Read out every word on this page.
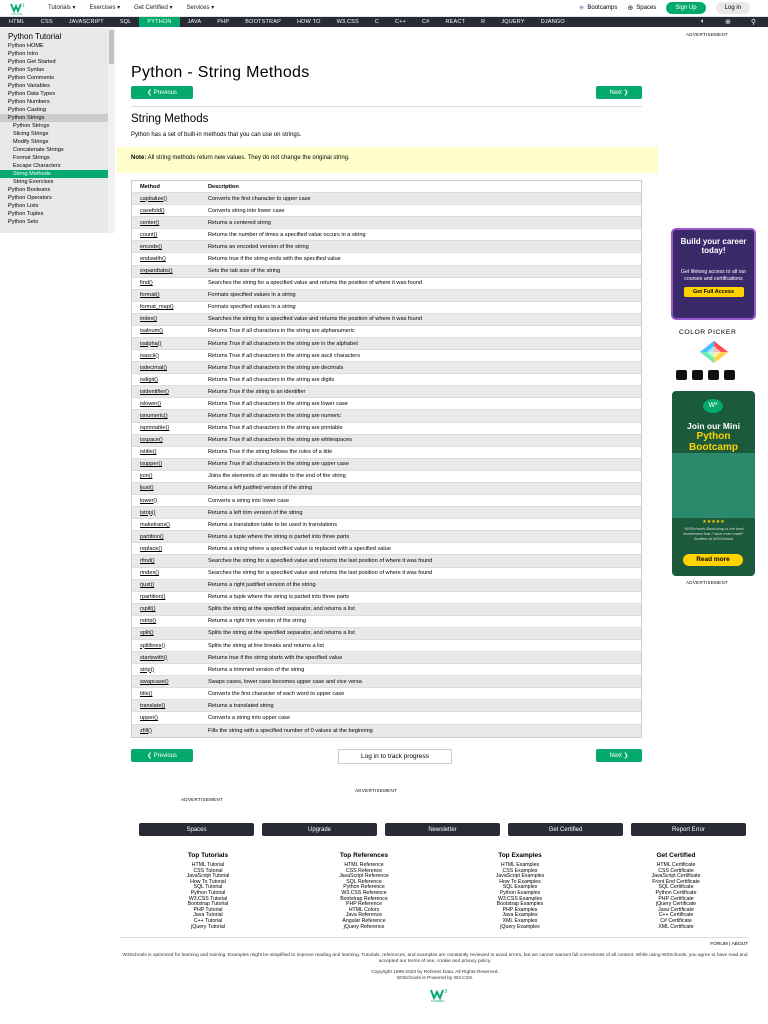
3
schools
Tutorials ▾ Exercises ▾ Get Certified ▾ Services ▾	✳ Bootcamps ⊕ Spaces	Sign Up	Log in
HTML	CSS	JAVASCRIPT	SQL	PYTHON	JAVA	PHP	BOOTSTRAP	HOW TO	W3.CSS	C	C++	C#	REACT	R	JQUERY	DJANGO	◐	⊕	⚲
Python Tutorial
Python HOME
Python Intro
Python Get Started
Python Syntax
Python Comments
Python Variables
Python Data Types
Python Numbers
Python Casting
Python Strings
Python Strings
Slicing Strings
Modify Strings
Concatenate Strings
Format Strings
Escape Characters
String Methods
String Exercises
Python Booleans
Python Operators
Python Lists
Python Tuples
Python Sets
Python - String Methods
❮ Previous	Next ❯
String Methods
Python has a set of built-in methods that you can use on strings.
Note: All string methods return new values. They do not change the original string.
Method	Description
capitalize()	Converts the first character to upper case
casefold()	Converts string into lower case
center()	Returns a centered string
count()	Returns the number of times a specified value occurs in a string
encode()	Returns an encoded version of the string
endswith()	Returns true if the string ends with the specified value
expandtabs()	Sets the tab size of the string
find()	Searches the string for a specified value and returns the position of where it was found
format()	Formats specified values in a string
format_map()	Formats specified values in a string
index()	Searches the string for a specified value and returns the position of where it was found
isalnum()	Returns True if all characters in the string are alphanumeric
isalpha()	Returns True if all characters in the string are in the alphabet
isascii()	Returns True if all characters in the string are ascii characters
isdecimal()	Returns True if all characters in the string are decimals
isdigit()	Returns True if all characters in the string are digits
isidentifier()	Returns True if the string is an identifier
islower()	Returns True if all characters in the string are lower case
isnumeric()	Returns True if all characters in the string are numeric
isprintable()	Returns True if all characters in the string are printable
isspace()	Returns True if all characters in the string are whitespaces
istitle()	Returns True if the string follows the rules of a title
isupper()	Returns True if all characters in the string are upper case
join()	Joins the elements of an iterable to the end of the string
ljust()	Returns a left justified version of the string
lower()	Converts a string into lower case
lstrip()	Returns a left trim version of the string
maketrans()	Returns a translation table to be used in translations
partition()	Returns a tuple where the string is parted into three parts
replace()	Returns a string where a specified value is replaced with a specified value
rfind()	Searches the string for a specified value and returns the last position of where it was found
rindex()	Searches the string for a specified value and returns the last position of where it was found
rjust()	Returns a right justified version of the string
rpartition()	Returns a tuple where the string is parted into three parts
rsplit()	Splits the string at the specified separator, and returns a list
rstrip()	Returns a right trim version of the string
split()	Splits the string at the specified separator, and returns a list
splitlines()	Splits the string at line breaks and returns a list
startswith()	Returns true if the string starts with the specified value
strip()	Returns a trimmed version of the string
swapcase()	Swaps cases, lower case becomes upper case and vice versa
title()	Converts the first character of each word to upper case
translate()	Returns a translated string
upper()	Converts a string into upper case
zfill()	Fills the string with a specified number of 0 values at the beginning
❮ Previous	Log in to track progress	Next ❯
ADVERTISEMENT
Build your career today!
Get lifelong access to all our courses and certifications
Get Full Access
COLOR PICKER
W³
Join our Mini
Python Bootcamp
★★★★★
"W3Schools Bootcamp is the best investment that I have ever made" Student at W3Schools
Read more
ADVERTISEMENT
ADVERTISEMENT
ADVERTISEMENT
Spaces	Upgrade	Newsletter	Get Certified	Report Error
Top Tutorials
HTML Tutorial
CSS Tutorial
JavaScript Tutorial
How To Tutorial
SQL Tutorial
Python Tutorial
W3.CSS Tutorial
Bootstrap Tutorial
PHP Tutorial
Java Tutorial
C++ Tutorial
jQuery Tutorial
Top References
HTML Reference
CSS Reference
JavaScript Reference
SQL Reference
Python Reference
W3.CSS Reference
Bootstrap Reference
PHP Reference
HTML Colors
Java Reference
Angular Reference
jQuery Reference
Top Examples
HTML Examples
CSS Examples
JavaScript Examples
How To Examples
SQL Examples
Python Examples
W3.CSS Examples
Bootstrap Examples
PHP Examples
Java Examples
XML Examples
jQuery Examples
Get Certified
HTML Certificate
CSS Certificate
JavaScript Certificate
Front End Certificate
SQL Certificate
Python Certificate
PHP Certificate
jQuery Certificate
Java Certificate
C++ Certificate
C# Certificate
XML Certificate
FORUM | ABOUT
W3Schools is optimized for learning and training. Examples might be simplified to improve reading and learning. Tutorials, references, and examples are constantly reviewed to avoid errors, but we cannot warrant full correctness of all content. While using W3Schools, you agree to have read and accepted our terms of use, cookie and privacy policy.
Copyright 1999-2023 by Refsnes Data. All Rights Reserved.
W3Schools is Powered by W3.CSS.
3
schools
